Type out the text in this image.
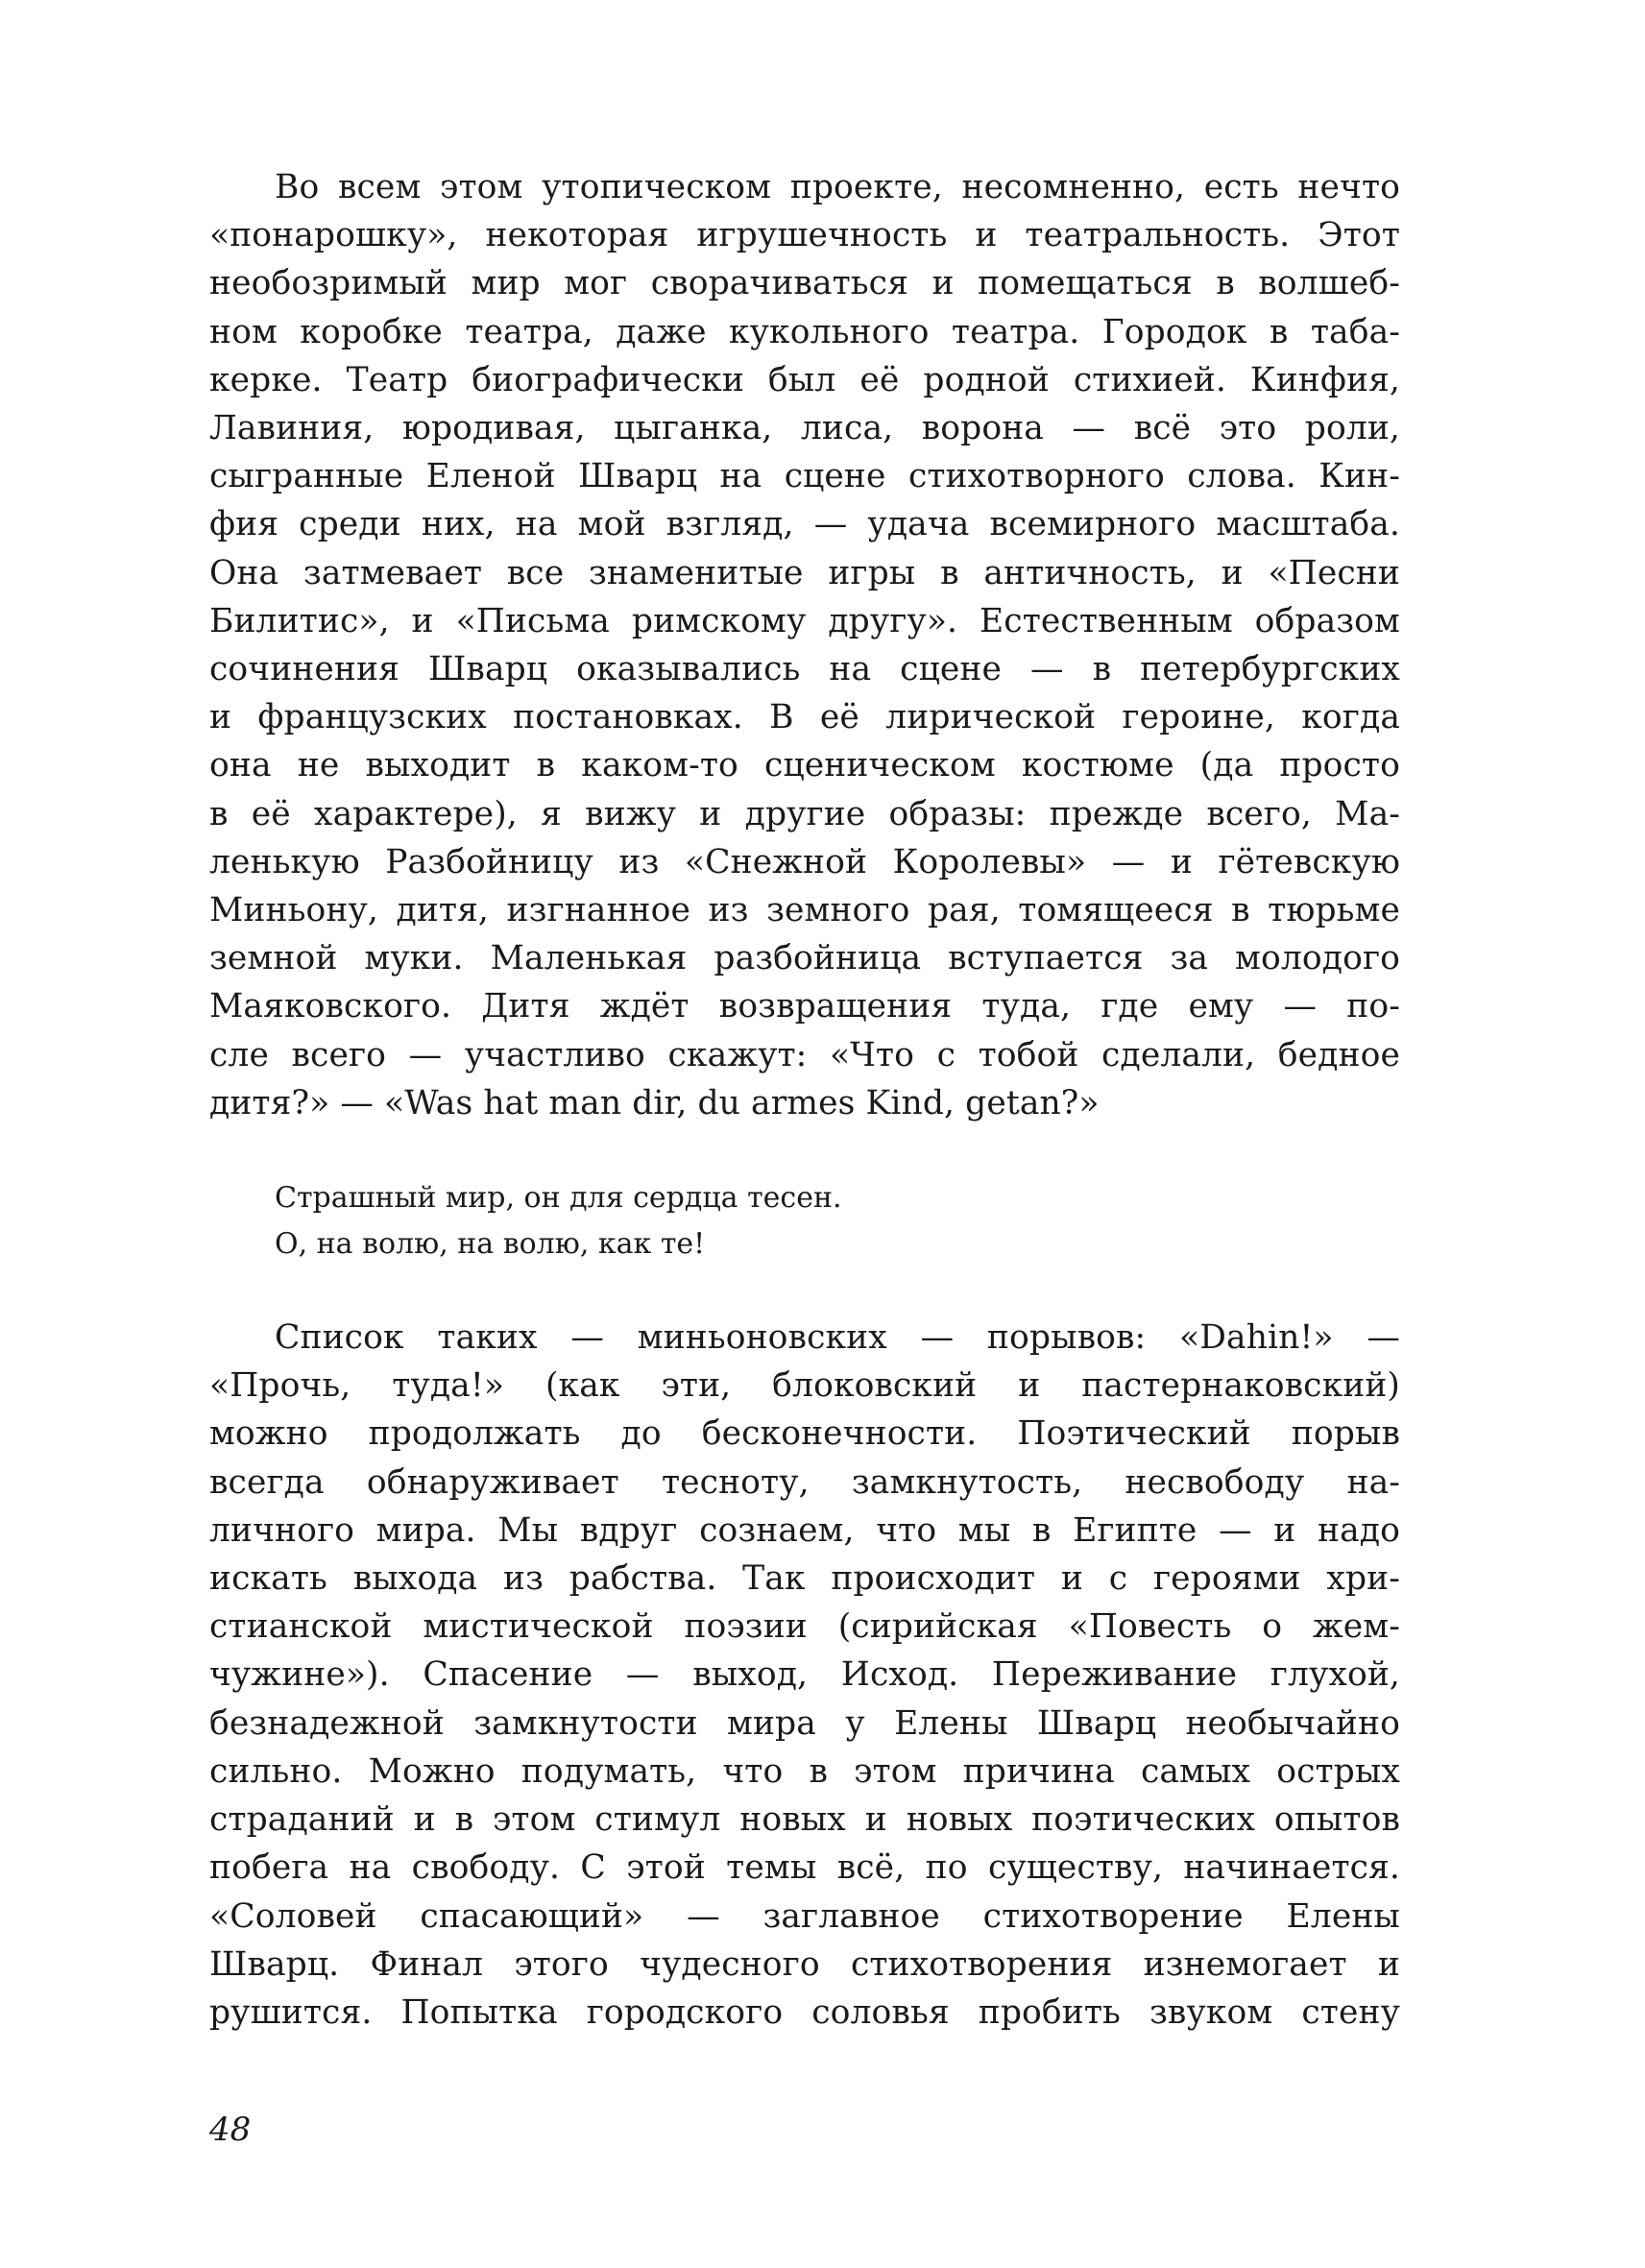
Во всем этом утопическом проекте, несомненно, есть нечто

«понарошку», некоторая игрушечность и театральность. Этот

необозримый мир мог сворачиваться и помещаться в волшеб-

ном коробке театра, даже кукольного театра. Городок в таба-

керке. Театр биографически был её родной стихией. Кинфия,

Лавиния, юродивая, цыганка, лиса, ворона — всё это роли,

сыгранные Еленой Шварц на сцене стихотворного слова. Кин-

фия среди них, на мой взгляд, — удача всемирного масштаба.

Она затмевает все знаменитые игры в античность, и «Песни

Билитис», и «Письма римскому другу». Естественным образом

сочинения Шварц оказывались на сцене — в петербургских

и французских постановках. В её лирической героине, когда

она не выходит в каком-то сценическом костюме (да просто

в её характере), я вижу и другие образы: прежде всего, Ма-

ленькую Разбойницу из «Снежной Королевы» — и гётевскую

Миньону, дитя, изгнанное из земного рая, томящееся в тюрьме

земной муки. Маленькая разбойница вступается за молодого

Маяковского. Дитя ждёт возвращения туда, где ему — по-

сле всего — участливо скажут: «Что с тобой сделали, бедное

дитя?» — «Was hat man dir, du armes Kind, getan?»

Страшный мир, он для сердца тесен.

О, на волю, на волю, как те!

Список таких — миньоновских — порывов: «Dahin!» —

«Прочь, туда!» (как эти, блоковский и пастернаковский)

можно продолжать до бесконечности. Поэтический порыв

всегда обнаруживает тесноту, замкнутость, несвободу на-

личного мира. Мы вдруг сознаем, что мы в Египте — и надо

искать выхода из рабства. Так происходит и с героями хри-

стианской мистической поэзии (сирийская «Повесть о жем-

чужине»). Спасение — выход, Исход. Переживание глухой,

безнадежной замкнутости мира у Елены Шварц необычайно

сильно. Можно подумать, что в этом причина самых острых

страданий и в этом стимул новых и новых поэтических опытов

побега на свободу. С этой темы всё, по существу, начинается.

«Соловей спасающий» — заглавное стихотворение Елены

Шварц. Финал этого чудесного стихотворения изнемогает и

рушится. Попытка городского соловья пробить звуком стену

48
